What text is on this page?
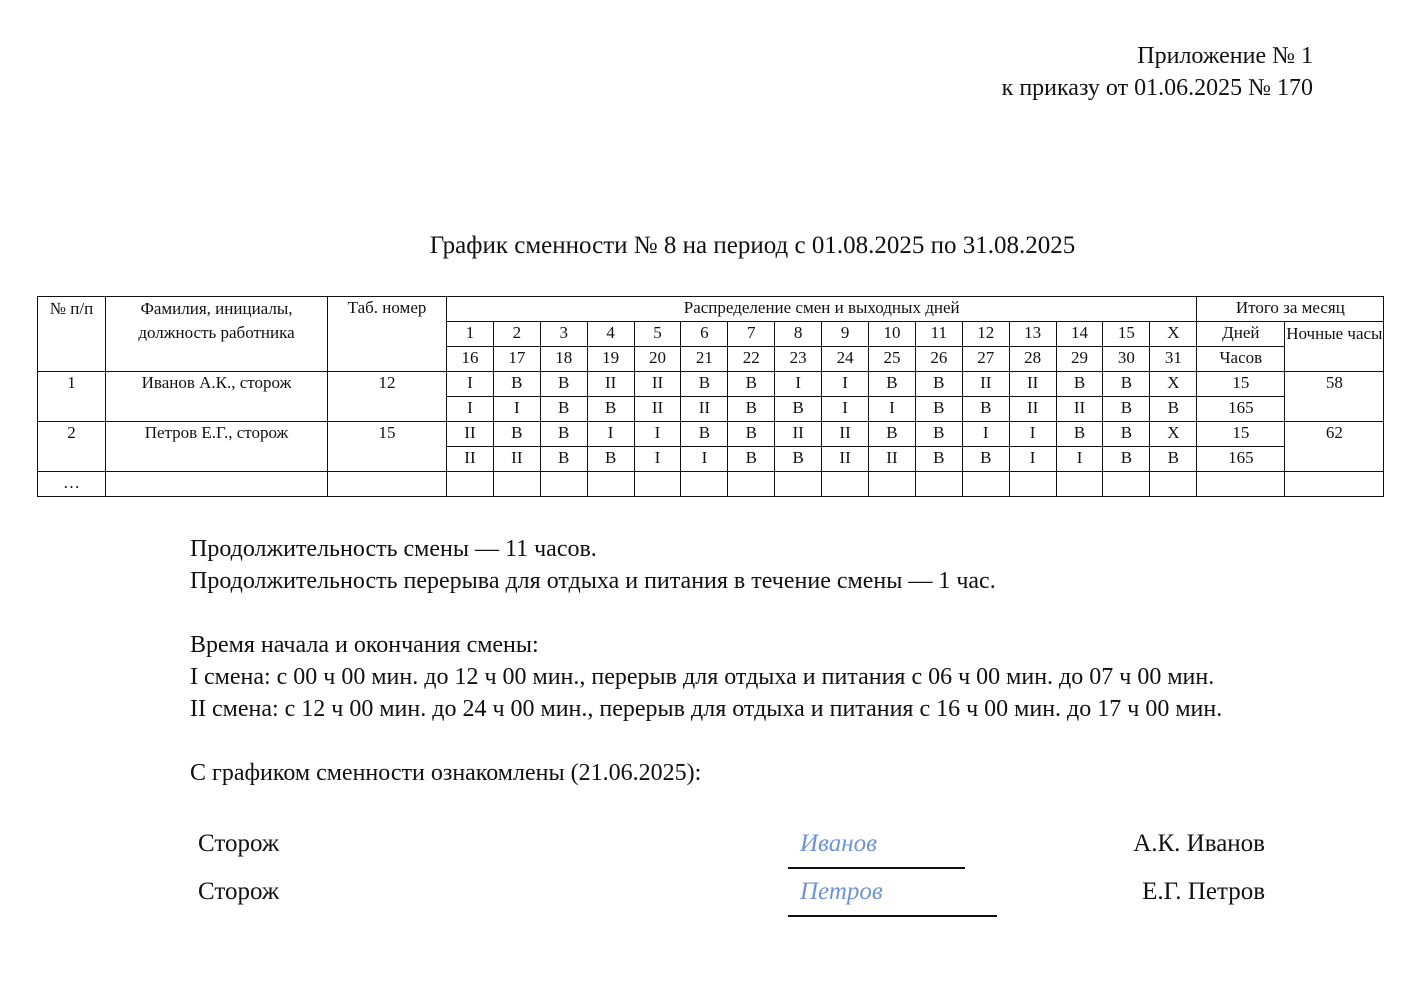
Приложение № 1
к приказу от 01.06.2025 № 170
График сменности № 8 на период с 01.08.2025 по 31.08.2025
№ п/п	Фамилия, инициалы, должность работника	Таб. номер	Распределение смен и выходных дней																Итого за месяц	
			1	2	3	4	5	6	7	8	9	10	11	12	13	14	15	X	Дней	Ночные часы
			16	17	18	19	20	21	22	23	24	25	26	27	28	29	30	31	Часов	
1	Иванов А.К., сторож	12	I	В	В	II	II	В	В	I	I	В	В	II	II	В	В	X	15	58
			I	I	В	В	II	II	В	В	I	I	В	В	II	II	В	В	165	
2	Петров Е.Г., сторож	15	II	В	В	I	I	В	В	II	II	В	В	I	I	В	В	X	15	62
			II	II	В	В	I	I	В	В	II	II	В	В	I	I	В	В	165	
…																				
Продолжительность смены — 11 часов.
Продолжительность перерыва для отдыха и питания в течение смены — 1 час.
Время начала и окончания смены:
I смена: с 00 ч 00 мин. до 12 ч 00 мин., перерыв для отдыха и питания с 06 ч 00 мин. до 07 ч 00 мин.
II смена: с 12 ч 00 мин. до 24 ч 00 мин., перерыв для отдыха и питания с 16 ч 00 мин. до 17 ч 00 мин.
С графиком сменности ознакомлены (21.06.2025):
Сторож	Иванов	А.К. Иванов
Сторож	Петров	Е.Г. Петров
